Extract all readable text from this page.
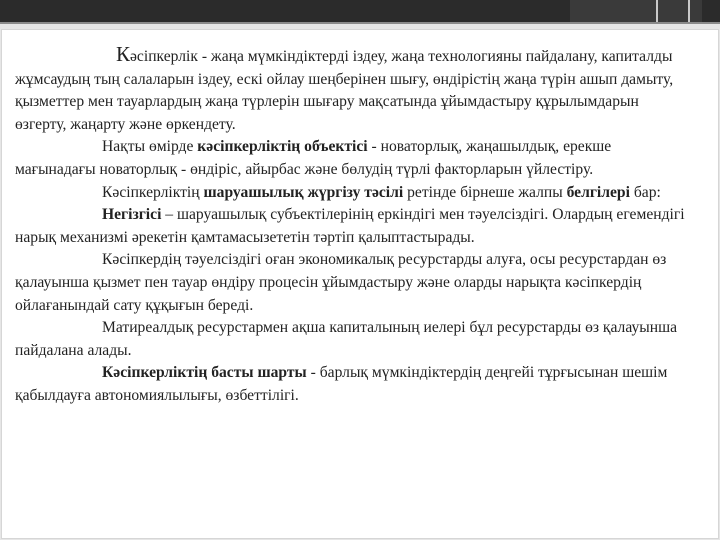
Кәсіпкерлік - жаңа мүмкіндіктерді іздеу, жаңа технологияны пайдалану, капиталды жұмсаудың тың салаларын іздеу, ескі ойлау шеңберінен шығу, өндірістің жаңа түрін ашып дамыту, қызметтер мен тауарлардың жаңа түрлерін шығару мақсатында ұйымдастыру құрылымдарын өзгерту, жаңарту және өркендету.

Нақты өмірде кәсіпкерліктің объектісі - новаторлық, жаңашылдық, ерекше мағынадағы новаторлық - өндіріс, айырбас және бөлудің түрлі факторларын үйлестіру.

Кәсіпкерліктің шаруашылық жүргізу тәсілі ретінде бірнеше жалпы белгілері бар:

Негізгісі – шаруашылық субъектілерінің еркіндігі мен тәуелсіздігі. Олардың егемендігі нарық механизмі әрекетін қамтамасызететін тәртіп қалыптастырады.

Кәсіпкердің тәуелсіздігі оған экономикалық ресурстарды алуға, осы ресурстардан өз қалауынша қызмет пен тауар өндіру процесін ұйымдастыру және оларды нарықта кәсіпкердің ойлағанындай сату құқығын береді.

Матиреалдық ресурстармен ақша капиталының иелері бұл ресурстарды өз қалауынша пайдалана алады.

Кәсіпкерліктің басты шарты - барлық мүмкіндіктердің деңгейі тұрғысынан шешім қабылдауға автономиялылығы, өзбеттілігі.
